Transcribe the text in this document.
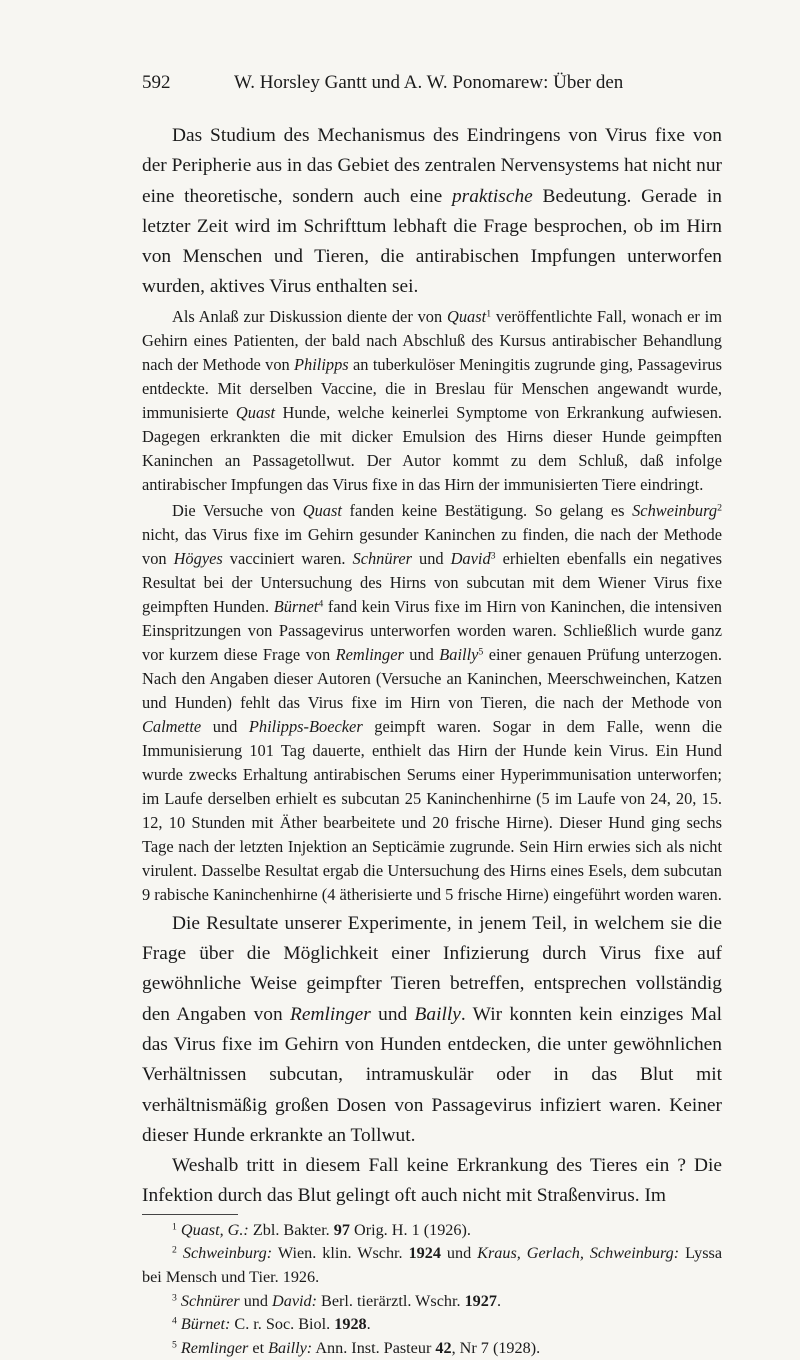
592	W. Horsley Gantt und A. W. Ponomarew: Über den

Das Studium des Mechanismus des Eindringens von Virus fixe von der Peripherie aus in das Gebiet des zentralen Nervensystems hat nicht nur eine theoretische, sondern auch eine praktische Bedeutung. Gerade in letzter Zeit wird im Schrifttum lebhaft die Frage besprochen, ob im Hirn von Menschen und Tieren, die antirabischen Impfungen unterworfen wurden, aktives Virus enthalten sei.

Als Anlaß zur Diskussion diente der von Quast$^1$ veröffentlichte Fall, wonach er im Gehirn eines Patienten, der bald nach Abschluß des Kursus antirabischer Behandlung nach der Methode von Philipps an tuberkulöser Meningitis zugrunde ging, Passagevirus entdeckte. Mit derselben Vaccine, die in Breslau für Menschen angewandt wurde, immunisierte Quast Hunde, welche keinerlei Symptome von Erkrankung aufwiesen. Dagegen erkrankten die mit dicker Emulsion des Hirns dieser Hunde geimpften Kaninchen an Passagetollwut. Der Autor kommt zu dem Schluß, daß infolge antirabischer Impfungen das Virus fixe in das Hirn der immunisierten Tiere eindringt.

Die Versuche von Quast fanden keine Bestätigung. So gelang es Schweinburg$^2$ nicht, das Virus fixe im Gehirn gesunder Kaninchen zu finden, die nach der Methode von Högyes vacciniert waren. Schnürer und David$^3$ erhielten ebenfalls ein negatives Resultat bei der Untersuchung des Hirns von subcutan mit dem Wiener Virus fixe geimpften Hunden. Bürnet$^4$ fand kein Virus fixe im Hirn von Kaninchen, die intensiven Einspritzungen von Passagevirus unterworfen worden waren. Schließlich wurde ganz vor kurzem diese Frage von Remlinger und Bailly$^5$ einer genauen Prüfung unterzogen. Nach den Angaben dieser Autoren (Versuche an Kaninchen, Meerschweinchen, Katzen und Hunden) fehlt das Virus fixe im Hirn von Tieren, die nach der Methode von Calmette und Philipps-Boecker geimpft waren. Sogar in dem Falle, wenn die Immunisierung 101 Tag dauerte, enthielt das Hirn der Hunde kein Virus. Ein Hund wurde zwecks Erhaltung antirabischen Serums einer Hyperimmunisation unterworfen; im Laufe derselben erhielt es subcutan 25 Kaninchenhirne (5 im Laufe von 24, 20, 15. 12, 10 Stunden mit Äther bearbeitete und 20 frische Hirne). Dieser Hund ging sechs Tage nach der letzten Injektion an Septicämie zugrunde. Sein Hirn erwies sich als nicht virulent. Dasselbe Resultat ergab die Untersuchung des Hirns eines Esels, dem subcutan 9 rabische Kaninchenhirne (4 ätherisierte und 5 frische Hirne) eingeführt worden waren.

Die Resultate unserer Experimente, in jenem Teil, in welchem sie die Frage über die Möglichkeit einer Infizierung durch Virus fixe auf gewöhnliche Weise geimpfter Tieren betreffen, entsprechen vollständig den Angaben von Remlinger und Bailly. Wir konnten kein einziges Mal das Virus fixe im Gehirn von Hunden entdecken, die unter gewöhnlichen Verhältnissen subcutan, intramuskulär oder in das Blut mit verhältnismäßig großen Dosen von Passagevirus infiziert waren. Keiner dieser Hunde erkrankte an Tollwut.

Weshalb tritt in diesem Fall keine Erkrankung des Tieres ein ? Die Infektion durch das Blut gelingt oft auch nicht mit Straßenvirus. Im

$^1$ Quast, G.: Zbl. Bakter. 97 Orig. H. 1 (1926).

$^2$ Schweinburg: Wien. klin. Wschr. 1924 und Kraus, Gerlach, Schweinburg: Lyssa bei Mensch und Tier. 1926.

$^3$ Schnürer und David: Berl. tierärztl. Wschr. 1927.

$^4$ Bürnet: C. r. Soc. Biol. 1928.

$^5$ Remlinger et Bailly: Ann. Inst. Pasteur 42, Nr 7 (1928).
